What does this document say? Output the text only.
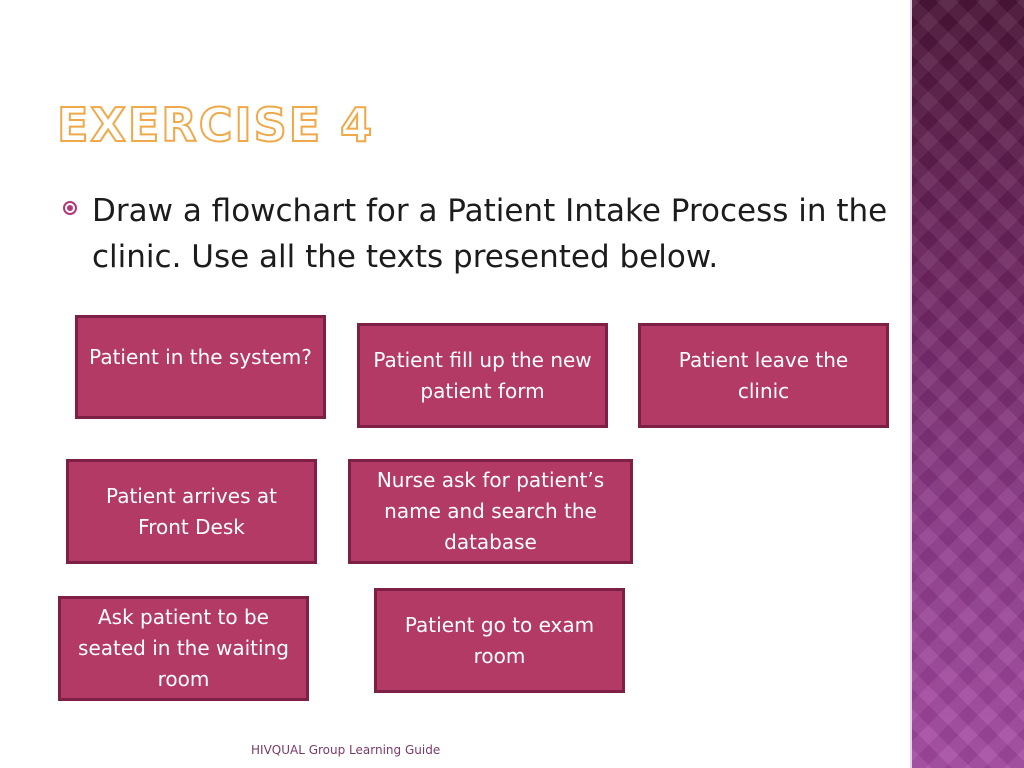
EXERCISE 4

Draw a flowchart for a Patient Intake Process in the clinic. Use all the texts presented below.

Patient in the system?	Patient fill up the new patient form
Patient leave the clinic
Patient arrives at Front Desk
Nurse ask for patient’s name and search the database
Ask patient to be seated in the waiting room
Patient go to exam room
HIVQUAL Group Learning Guide
